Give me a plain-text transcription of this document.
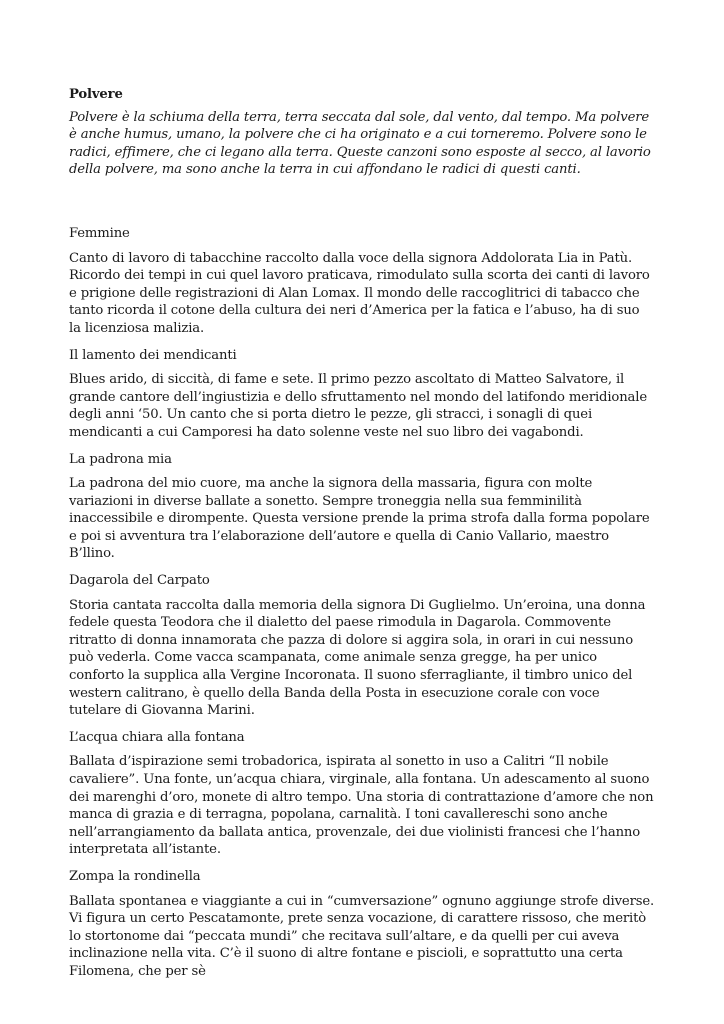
Polvere
Polvere è la schiuma della terra, terra seccata dal sole, dal vento, dal tempo. Ma polvere è anche humus, umano, la polvere che ci ha originato e a cui torneremo. Polvere sono le radici, effimere, che ci legano alla terra. Queste canzoni sono esposte al secco, al lavorio della polvere, ma sono anche la terra in cui affondano le radici di questi canti.
Femmine
Canto di lavoro di tabacchine raccolto dalla voce della signora Addolorata Lia in Patù. Ricordo dei tempi in cui quel lavoro praticava, rimodulato sulla scorta dei canti di lavoro e prigione delle registrazioni di Alan Lomax. Il mondo delle raccoglitrici di tabacco che tanto ricorda il cotone della cultura dei neri d’America per la fatica e l’abuso, ha di suo la licenziosa malizia.
Il lamento dei mendicanti
Blues arido, di siccità, di fame e sete. Il primo pezzo ascoltato di Matteo Salvatore, il grande cantore dell’ingiustizia e dello sfruttamento nel mondo del latifondo meridionale degli anni ‘50. Un canto che si porta dietro le pezze, gli stracci, i sonagli di quei mendicanti a cui Camporesi ha dato solenne veste nel suo libro dei vagabondi.
La padrona mia
La padrona del mio cuore, ma anche la signora della massaria, figura con molte variazioni in diverse ballate a sonetto. Sempre troneggia nella sua femminilità inaccessibile e dirompente. Questa versione prende la prima strofa dalla forma popolare e poi si avventura tra l’elaborazione dell’autore e quella di Canio Vallario, maestro B’llino.
Dagarola del Carpato
Storia cantata raccolta dalla memoria della signora Di Guglielmo. Un’eroina, una donna fedele questa Teodora che il dialetto del paese rimodula in Dagarola. Commovente ritratto di donna innamorata che pazza di dolore si aggira sola, in orari in cui nessuno può vederla. Come vacca scampanata, come animale senza gregge, ha per unico conforto la supplica alla Vergine Incoronata. Il suono sferragliante, il timbro unico del western calitrano, è quello della Banda della Posta in esecuzione corale con voce tutelare di Giovanna Marini.
L’acqua chiara alla fontana
Ballata d’ispirazione semi trobadorica, ispirata al sonetto in uso a Calitri “Il nobile cavaliere”. Una fonte, un’acqua chiara, virginale, alla fontana. Un adescamento al suono dei marenghi d’oro, monete di altro tempo. Una storia di contrattazione d’amore che non manca di grazia e di terragna, popolana, carnalità. I toni cavallereschi sono anche nell’arrangiamento da ballata antica, provenzale, dei due violinisti francesi che l’hanno interpretata all’istante.
Zompa la rondinella
Ballata spontanea e viaggiante a cui in “cumversazione” ognuno aggiunge strofe diverse. Vi figura un certo Pescatamonte, prete senza vocazione, di carattere rissoso, che meritò lo stortonome dai “peccata mundi” che recitava sull’altare, e da quelli per cui aveva inclinazione nella vita. C’è il suono di altre fontane e piscioli, e soprattutto una certa Filomena, che per sè
